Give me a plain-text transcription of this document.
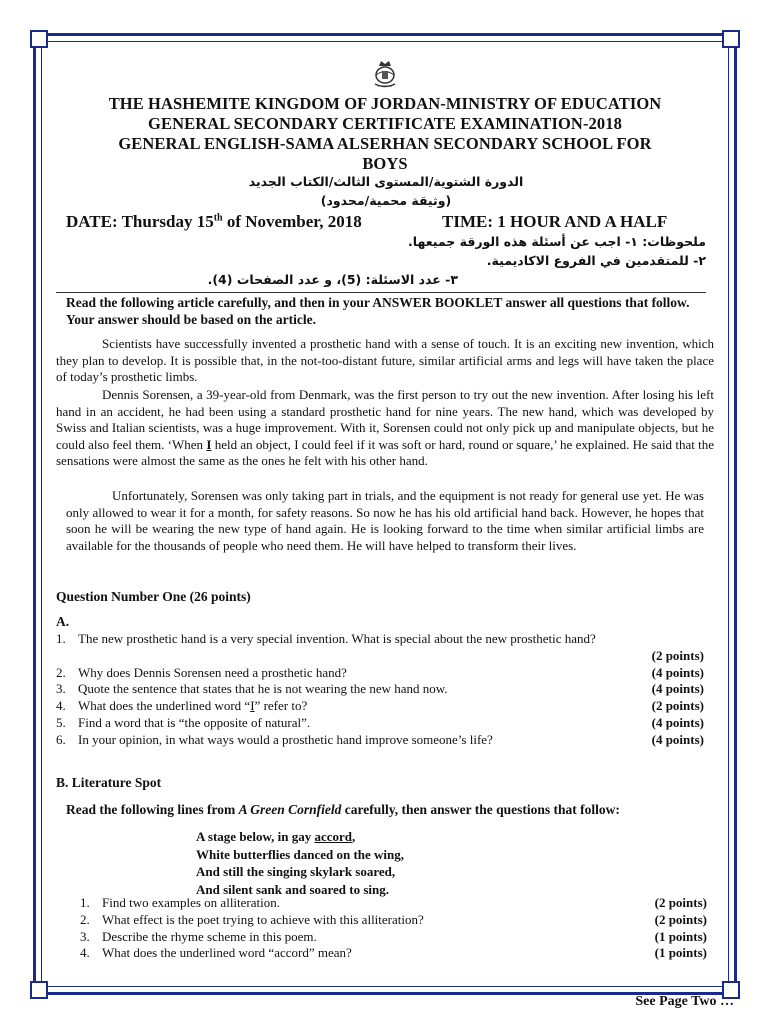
THE HASHEMITE KINGDOM OF JORDAN-MINISTRY OF EDUCATION
GENERAL SECONDARY CERTIFICATE EXAMINATION-2018
GENERAL ENGLISH-SAMA ALSERHAN SECONDARY SCHOOL FOR
BOYS
الدورة الشتوية/المستوى الثالث/الكتاب الجديد
(وثيقة محمية/محدود)
DATE: Thursday 15th of November, 2018	TIME: 1 HOUR AND A HALF
ملحوظات: ١- اجب عن أسئلة هذه الورقة جميعها.
٢- للمتقدمين في الفروع الاكاديمية.
٣- عدد الاسئلة: (5)، و عدد الصفحات (4).
Read the following article carefully, and then in your ANSWER BOOKLET answer all questions that follow. Your answer should be based on the article.
Scientists have successfully invented a prosthetic hand with a sense of touch. It is an exciting new invention, which they plan to develop. It is possible that, in the not-too-distant future, similar artificial arms and legs will have taken the place of today’s prosthetic limbs.
Dennis Sorensen, a 39-year-old from Denmark, was the first person to try out the new invention. After losing his left hand in an accident, he had been using a standard prosthetic hand for nine years. The new hand, which was developed by Swiss and Italian scientists, was a huge improvement. With it, Sorensen could not only pick up and manipulate objects, but he could also feel them. ‘When I held an object, I could feel if it was soft or hard, round or square,’ he explained. He said that the sensations were almost the same as the ones he felt with his other hand.
Unfortunately, Sorensen was only taking part in trials, and the equipment is not ready for general use yet. He was only allowed to wear it for a month, for safety reasons. So now he has his old artificial hand back. However, he hopes that soon he will be wearing the new type of hand again. He is looking forward to the time when similar artificial limbs are available for the thousands of people who need them. He will have helped to transform their lives.
Question Number One (26 points)
A.
1. The new prosthetic hand is a very special invention. What is special about the new prosthetic hand?
(2 points)
2. Why does Dennis Sorensen need a prosthetic hand?	(4 points)
3. Quote the sentence that states that he is not wearing the new hand now.	(4 points)
4. What does the underlined word “I” refer to?	(2 points)
5. Find a word that is “the opposite of natural”.	(4 points)
6. In your opinion, in what ways would a prosthetic hand improve someone’s life?	(4 points)
B. Literature Spot
Read the following lines from A Green Cornfield carefully, then answer the questions that follow:
A stage below, in gay accord,
White butterflies danced on the wing,
And still the singing skylark soared,
And silent sank and soared to sing.
1. Find two examples on alliteration.	(2 points)
2. What effect is the poet trying to achieve with this alliteration?	(2 points)
3. Describe the rhyme scheme in this poem.	(1 points)
4. What does the underlined word “accord” mean?	(1 points)
See Page Two …
